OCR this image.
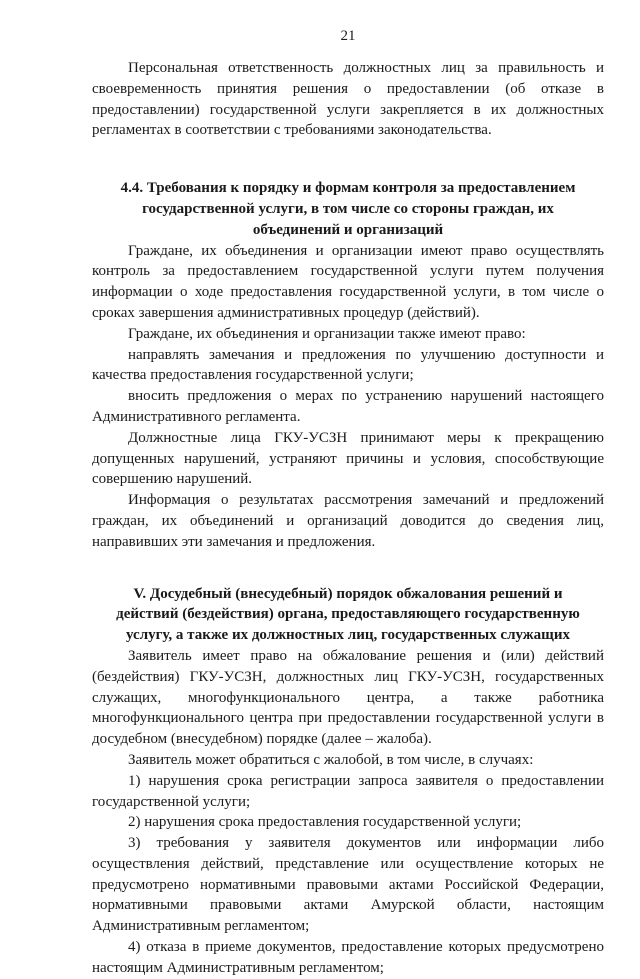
21

Персональная ответственность должностных лиц за правильность и своевременность принятия решения о предоставлении (об отказе в предоставлении) государственной услуги закрепляется в их должностных регламентах в соответствии с требованиями законодательства.

4.4. Требования к порядку и формам контроля за предоставлением
государственной услуги, в том числе со стороны граждан, их
объединений и организаций

Граждане, их объединения и организации имеют право осуществлять контроль за предоставлением государственной услуги путем получения информации о ходе предоставления государственной услуги, в том числе о сроках завершения административных процедур (действий).

Граждане, их объединения и организации также имеют право:

направлять замечания и предложения по улучшению доступности и качества предоставления государственной услуги;

вносить предложения о мерах по устранению нарушений настоящего Административного регламента.

Должностные лица ГКУ-УСЗН принимают меры к прекращению допущенных нарушений, устраняют причины и условия, способствующие совершению нарушений.

Информация о результатах рассмотрения замечаний и предложений граждан, их объединений и организаций доводится до сведения лиц, направивших эти замечания и предложения.

V. Досудебный (внесудебный) порядок обжалования решений и
действий (бездействия) органа, предоставляющего государственную
услугу, а также их должностных лиц, государственных служащих

Заявитель имеет право на обжалование решения и (или) действий (бездействия) ГКУ-УСЗН, должностных лиц ГКУ-УСЗН, государственных служащих, многофункционального центра, а также работника многофункционального центра при предоставлении государственной услуги в досудебном (внесудебном) порядке (далее – жалоба).

Заявитель может обратиться с жалобой, в том числе, в случаях:

1) нарушения срока регистрации запроса заявителя о предоставлении государственной услуги;

2) нарушения срока предоставления государственной услуги;

3) требования у заявителя документов или информации либо осуществления действий, представление или осуществление которых не предусмотрено нормативными правовыми актами Российской Федерации, нормативными правовыми актами Амурской области, настоящим Административным регламентом;

4) отказа в приеме документов, предоставление которых предусмотрено настоящим Административным регламентом;
